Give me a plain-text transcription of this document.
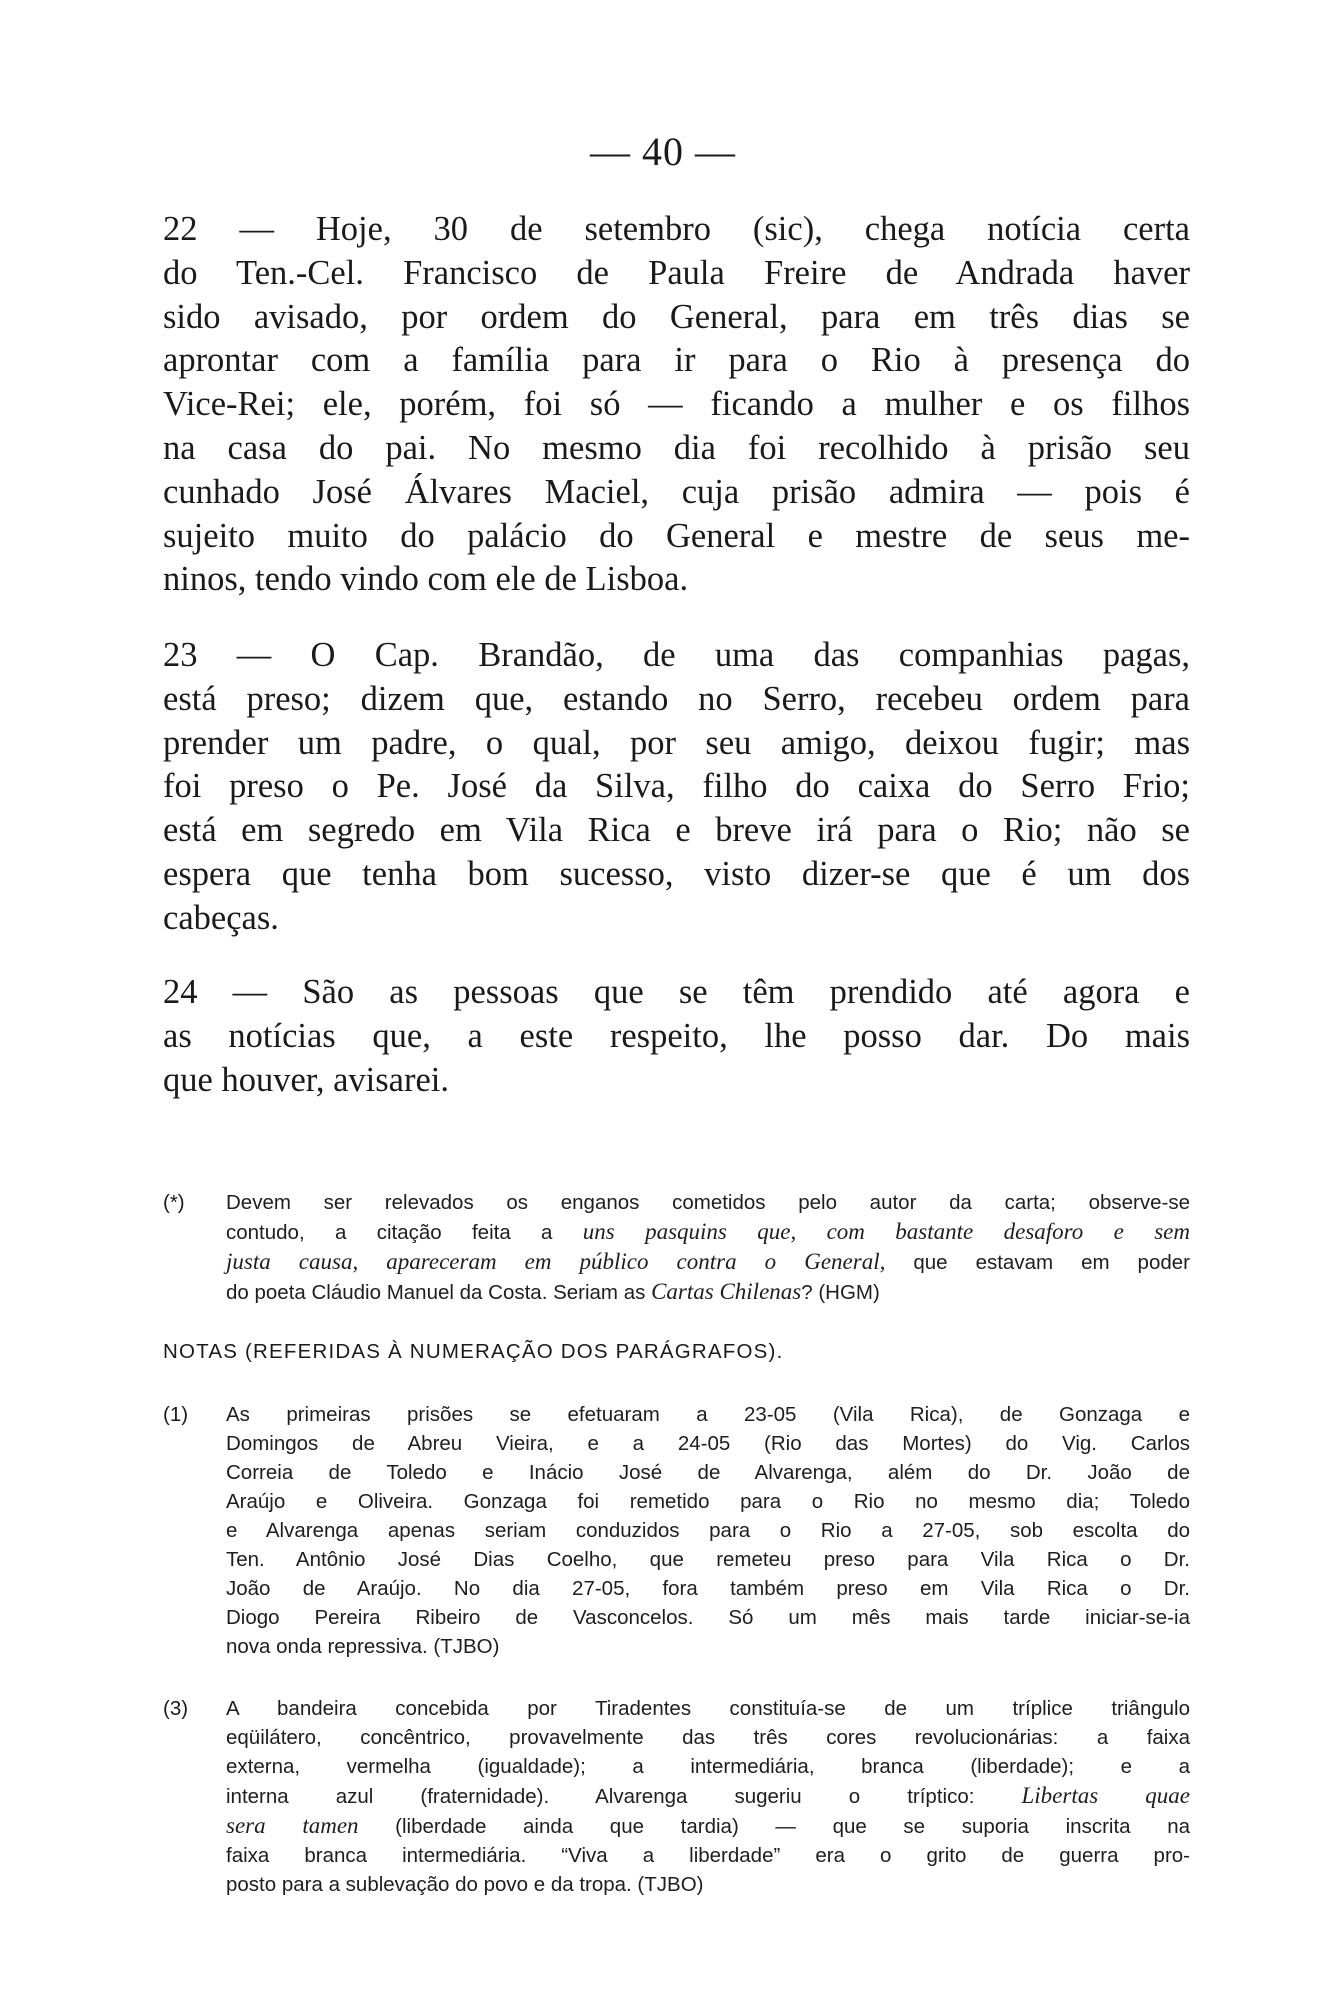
— 40 —
22 — Hoje, 30 de setembro (sic), chega notícia certa
do Ten.-Cel. Francisco de Paula Freire de Andrada haver
sido avisado, por ordem do General, para em três dias se
aprontar com a família para ir para o Rio à presença do
Vice-Rei; ele, porém, foi só — ficando a mulher e os filhos
na casa do pai. No mesmo dia foi recolhido à prisão seu
cunhado José Álvares Maciel, cuja prisão admira — pois é
sujeito muito do palácio do General e mestre de seus me-
ninos, tendo vindo com ele de Lisboa.
23 — O Cap. Brandão, de uma das companhias pagas,
está preso; dizem que, estando no Serro, recebeu ordem para
prender um padre, o qual, por seu amigo, deixou fugir; mas
foi preso o Pe. José da Silva, filho do caixa do Serro Frio;
está em segredo em Vila Rica e breve irá para o Rio; não se
espera que tenha bom sucesso, visto dizer-se que é um dos
cabeças.
24 — São as pessoas que se têm prendido até agora e
as notícias que, a este respeito, lhe posso dar. Do mais
que houver, avisarei.
(*) Devem ser relevados os enganos cometidos pelo autor da carta; observe-se
contudo, a citação feita a uns pasquins que, com bastante desaforo e sem
justa causa, apareceram em público contra o General, que estavam em poder
do poeta Cláudio Manuel da Costa. Seriam as Cartas Chilenas? (HGM)
NOTAS (REFERIDAS À NUMERAÇÃO DOS PARÁGRAFOS).
(1) As primeiras prisões se efetuaram a 23-05 (Vila Rica), de Gonzaga e
Domingos de Abreu Vieira, e a 24-05 (Rio das Mortes) do Vig. Carlos
Correia de Toledo e Inácio José de Alvarenga, além do Dr. João de
Araújo e Oliveira. Gonzaga foi remetido para o Rio no mesmo dia; Toledo
e Alvarenga apenas seriam conduzidos para o Rio a 27-05, sob escolta do
Ten. Antônio José Dias Coelho, que remeteu preso para Vila Rica o Dr.
João de Araújo. No dia 27-05, fora também preso em Vila Rica o Dr.
Diogo Pereira Ribeiro de Vasconcelos. Só um mês mais tarde iniciar-se-ia
nova onda repressiva. (TJBO)
(3) A bandeira concebida por Tiradentes constituía-se de um tríplice triângulo
eqüilátero, concêntrico, provavelmente das três cores revolucionárias: a faixa
externa, vermelha (igualdade); a intermediária, branca (liberdade); e a
interna azul (fraternidade). Alvarenga sugeriu o tríptico: Libertas quae
sera tamen (liberdade ainda que tardia) — que se suporia inscrita na
faixa branca intermediária. “Viva a liberdade” era o grito de guerra pro-
posto para a sublevação do povo e da tropa. (TJBO)
